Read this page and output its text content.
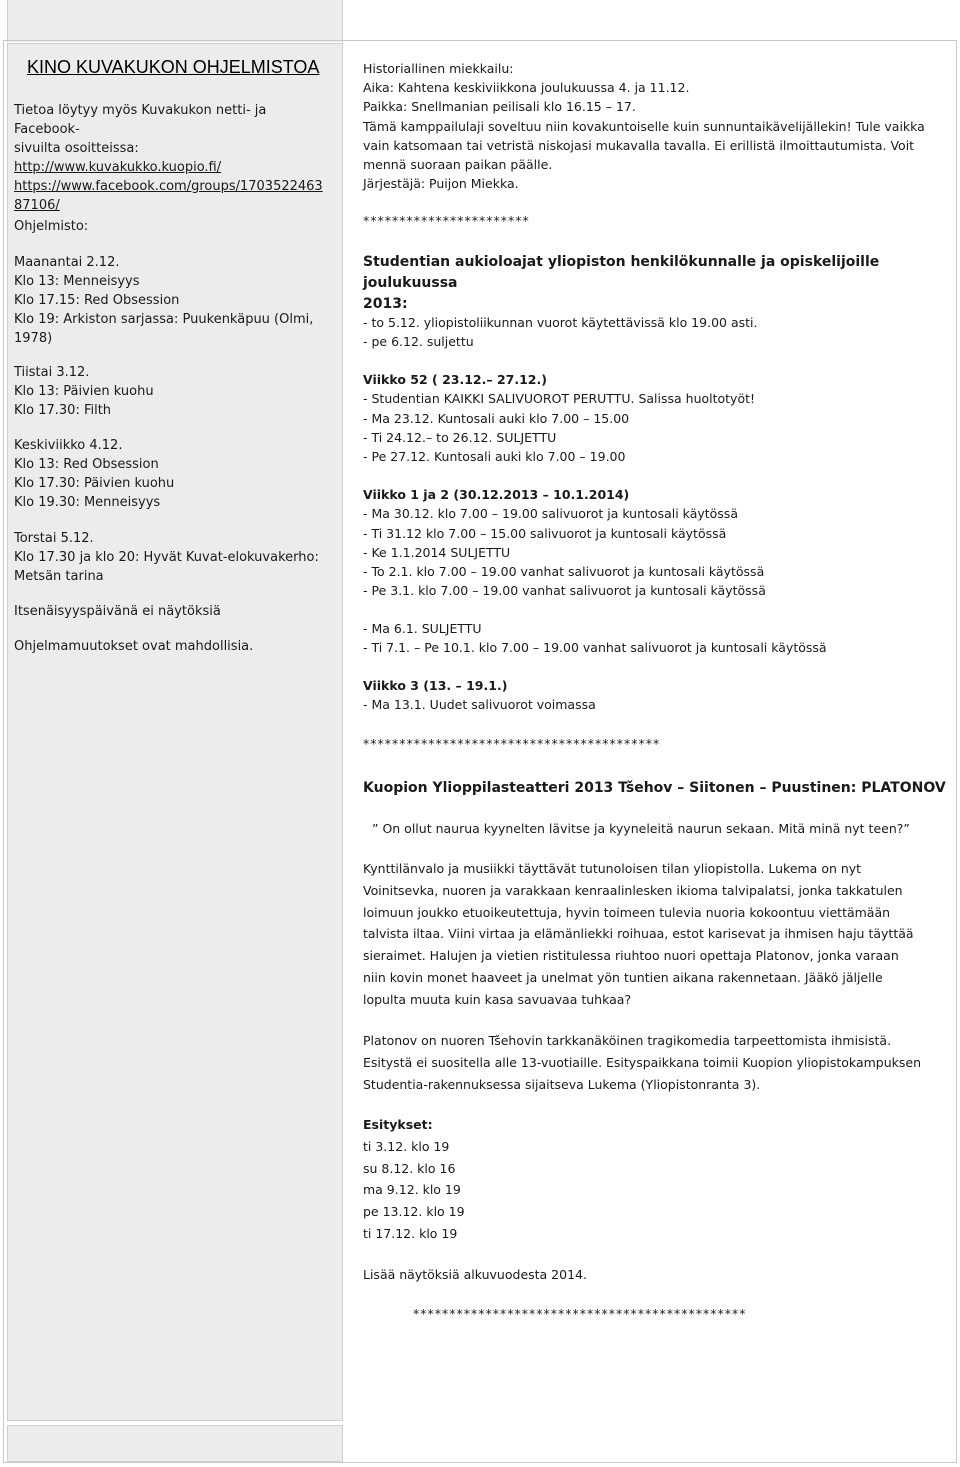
KINO KUVAKUKON OHJELMISTOA

Tietoa löytyy myös Kuvakukon netti- ja Facebook-

sivuilta osoitteissa:

http://www.kuvakukko.kuopio.fi/

https://www.facebook.com/groups/1703522463
87106/

Ohjelmisto:

Maanantai 2.12.

Klo 13: Menneisyys

Klo 17.15: Red Obsession

Klo 19: Arkiston sarjassa: Puukenkäpuu (Olmi,

1978)

Tiistai 3.12.

Klo 13: Päivien kuohu

Klo 17.30: Filth

Keskiviikko 4.12.

Klo 13: Red Obsession

Klo 17.30: Päivien kuohu

Klo 19.30: Menneisyys

Torstai 5.12.

Klo 17.30 ja klo 20: Hyvät Kuvat-elokuvakerho:

Metsän tarina

Itsenäisyyspäivänä ei näytöksiä
Ohjelmamuutokset ovat mahdollisia.

Historiallinen miekkailu:

Aika: Kahtena keskiviikkona joulukuussa 4. ja 11.12.

Paikka: Snellmanian peilisali klo 16.15 – 17.

Tämä kamppailulaji soveltuu niin kovakuntoiselle kuin sunnuntaikävelijällekin! Tule vaikka

vain katsomaan tai vetristä niskojasi mukavalla tavalla. Ei erillistä ilmoittautumista. Voit

mennä suoraan paikan päälle.

Järjestäjä: Puijon Miekka.

***********************

Studentian aukioloajat yliopiston henkilökunnalle ja opiskelijoille joulukuussa

2013:

- to 5.12. yliopistoliikunnan vuorot käytettävissä klo 19.00 asti.

- pe 6.12. suljettu

Viikko 52 ( 23.12.– 27.12.)

- Studentian KAIKKI SALIVUOROT PERUTTU. Salissa huoltotyöt!

- Ma 23.12. Kuntosali auki klo 7.00 – 15.00

- Ti 24.12.– to 26.12. SULJETTU

- Pe 27.12. Kuntosali auki klo 7.00 – 19.00

Viikko 1 ja 2 (30.12.2013 – 10.1.2014)

- Ma 30.12. klo 7.00 – 19.00 salivuorot ja kuntosali käytössä

- Ti 31.12 klo 7.00 – 15.00 salivuorot ja kuntosali käytössä

- Ke 1.1.2014 SULJETTU

- To 2.1. klo 7.00 – 19.00 vanhat salivuorot ja kuntosali käytössä

- Pe 3.1. klo 7.00 – 19.00 vanhat salivuorot ja kuntosali käytössä

- Ma 6.1. SULJETTU

- Ti 7.1. – Pe 10.1. klo 7.00 – 19.00 vanhat salivuorot ja kuntosali käytössä

Viikko 3 (13. – 19.1.)

- Ma 13.1. Uudet salivuorot voimassa

*****************************************
Kuopion Ylioppilasteatteri 2013 Tšehov – Siitonen – Puustinen: PLATONOV
” On ollut naurua kyynelten lävitse ja kyyneleitä naurun sekaan. Mitä minä nyt teen?”

Kynttilänvalo ja musiikki täyttävät tutunoloisen tilan yliopistolla. Lukema on nyt

Voinitsevka, nuoren ja varakkaan kenraalinlesken ikioma talvipalatsi, jonka takkatulen

loimuun joukko etuoikeutettuja, hyvin toimeen tulevia nuoria kokoontuu viettämään

talvista iltaa. Viini virtaa ja elämänliekki roihuaa, estot karisevat ja ihmisen haju täyttää

sieraimet. Halujen ja vietien ristitulessa riuhtoo nuori opettaja Platonov, jonka varaan

niin kovin monet haaveet ja unelmat yön tuntien aikana rakennetaan. Jääkö jäljelle

lopulta muuta kuin kasa savuavaa tuhkaa?

Platonov on nuoren Tšehovin tarkkanäköinen tragikomedia tarpeettomista ihmisistä.

Esitystä ei suositella alle 13-vuotiaille. Esityspaikkana toimii Kuopion yliopistokampuksen

Studentia-rakennuksessa sijaitseva Lukema (Yliopistonranta 3).

Esitykset:

ti 3.12. klo 19

su 8.12. klo 16

ma 9.12. klo 19

pe 13.12. klo 19

ti 17.12. klo 19

Lisää näytöksiä alkuvuodesta 2014.
**********************************************
